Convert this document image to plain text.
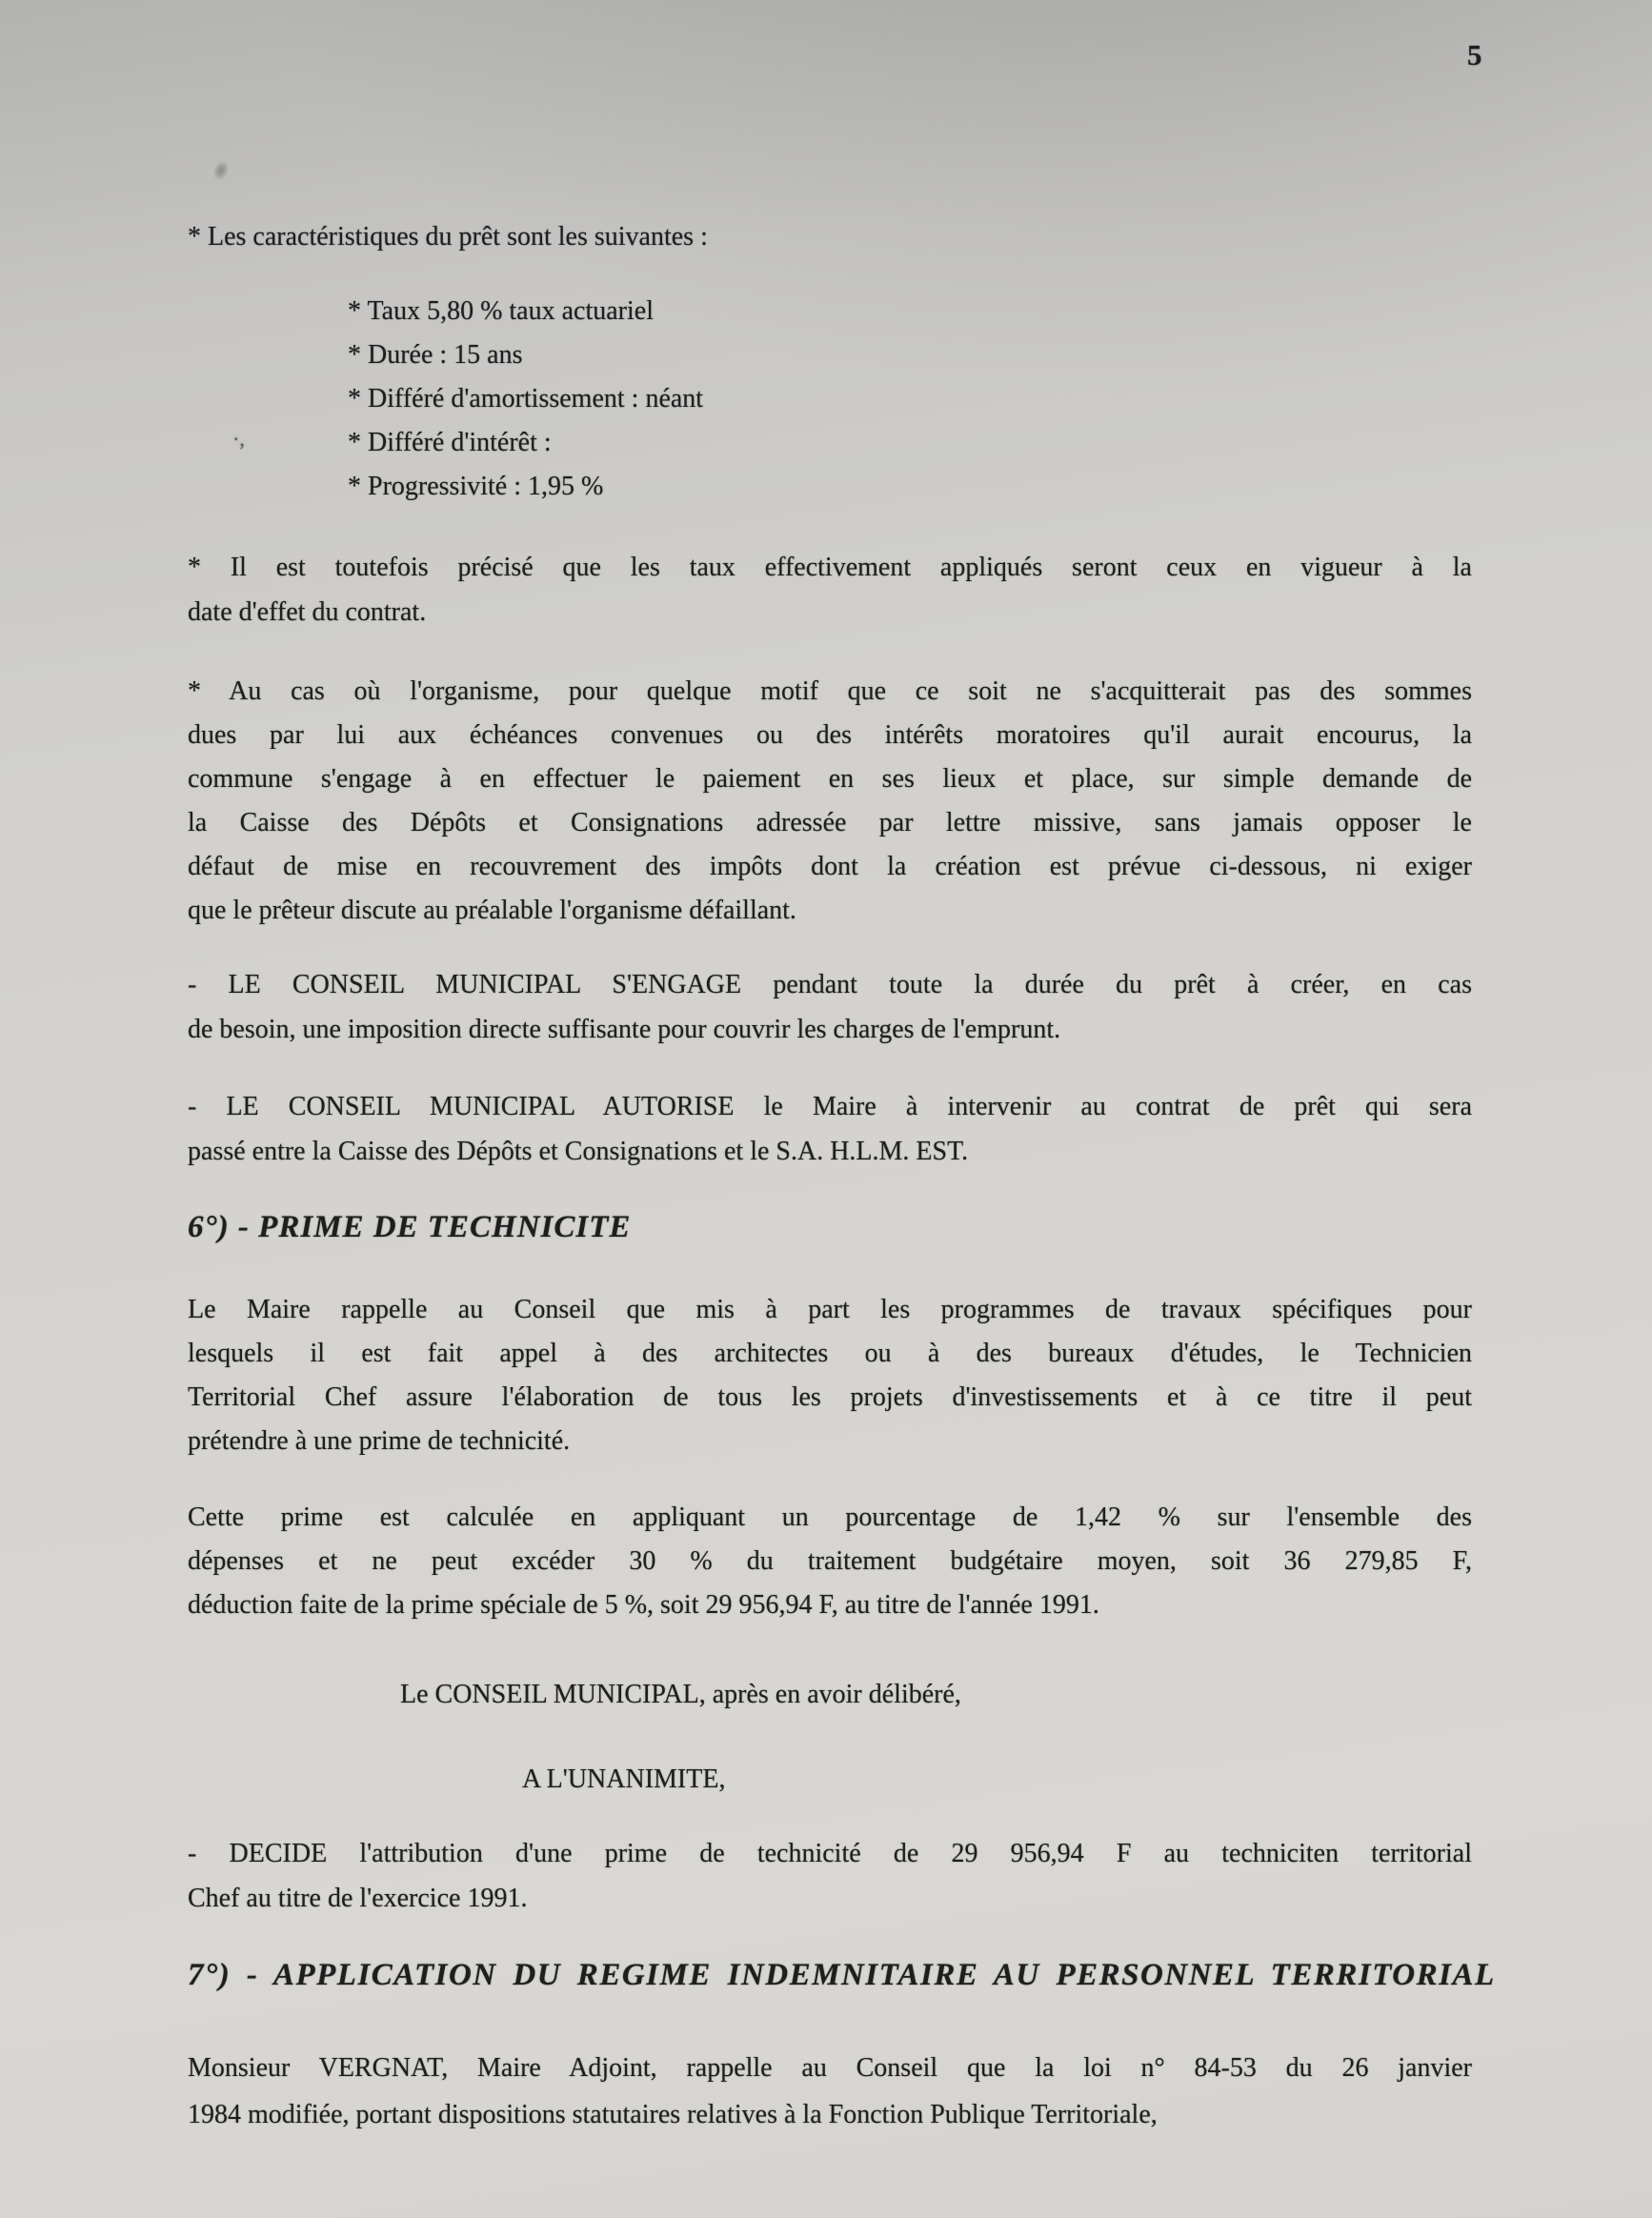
5
·,
* Les caractéristiques du prêt sont les suivantes :
* Taux 5,80 % taux actuariel
* Durée : 15 ans
* Différé d'amortissement : néant
* Différé d'intérêt :
* Progressivité : 1,95 %
* Il est toutefois précisé que les taux effectivement appliqués seront ceux en vigueur à la
date d'effet du contrat.
* Au cas où l'organisme, pour quelque motif que ce soit ne s'acquitterait pas des sommes
dues par lui aux échéances convenues ou des intérêts moratoires qu'il aurait encourus, la
commune s'engage à en effectuer le paiement en ses lieux et place, sur simple demande de
la Caisse des Dépôts et Consignations adressée par lettre missive, sans jamais opposer le
défaut de mise en recouvrement des impôts dont la création est prévue ci-dessous, ni exiger
que le prêteur discute au préalable l'organisme défaillant.
- LE CONSEIL MUNICIPAL S'ENGAGE pendant toute la durée du prêt à créer, en cas
de besoin, une imposition directe suffisante pour couvrir les charges de l'emprunt.
- LE CONSEIL MUNICIPAL AUTORISE le Maire à intervenir au contrat de prêt qui sera
passé entre la Caisse des Dépôts et Consignations et le S.A. H.L.M. EST.
6°) - PRIME DE TECHNICITE
Le Maire rappelle au Conseil que mis à part les programmes de travaux spécifiques pour
lesquels il est fait appel à des architectes ou à des bureaux d'études, le Technicien
Territorial Chef assure l'élaboration de tous les projets d'investissements et à ce titre il peut
prétendre à une prime de technicité.
Cette prime est calculée en appliquant un pourcentage de 1,42 % sur l'ensemble des
dépenses et ne peut excéder 30 % du traitement budgétaire moyen, soit 36 279,85 F,
déduction faite de la prime spéciale de 5 %, soit 29 956,94 F, au titre de l'année 1991.
Le CONSEIL MUNICIPAL, après en avoir délibéré,
A L'UNANIMITE,
- DECIDE l'attribution d'une prime de technicité de 29 956,94 F au techniciten territorial
Chef au titre de l'exercice 1991.
7°) - APPLICATION DU REGIME INDEMNITAIRE AU PERSONNEL TERRITORIAL
Monsieur VERGNAT, Maire Adjoint, rappelle au Conseil que la loi n° 84-53 du 26 janvier
1984 modifiée, portant dispositions statutaires relatives à la Fonction Publique Territoriale,
